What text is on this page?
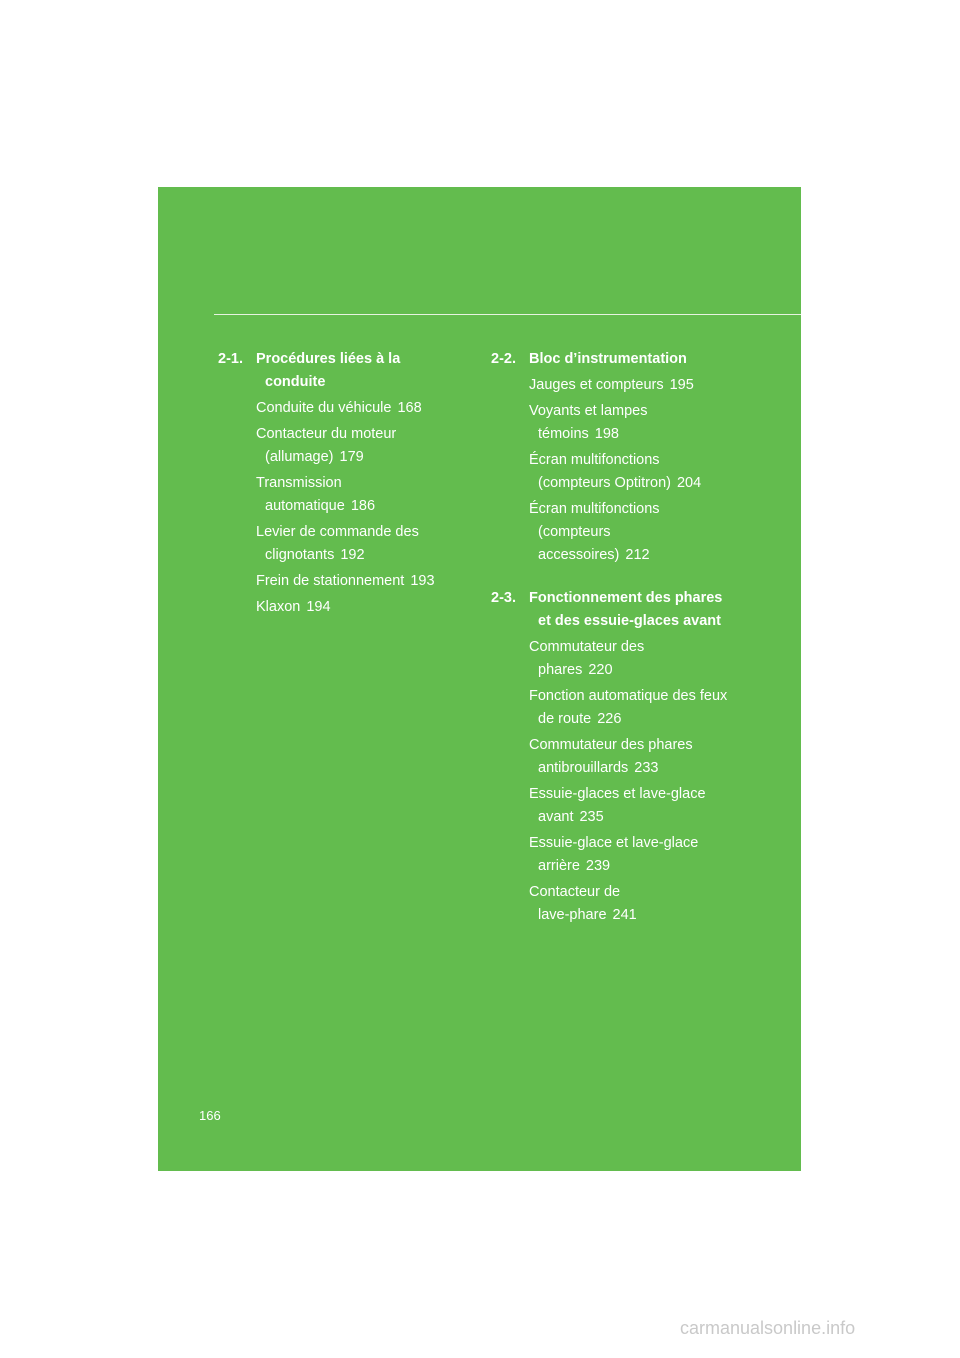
2-1. Procédures liées à la
conduite
Conduite du véhicule 168
Contacteur du moteur
(allumage) 179
Transmission
automatique 186
Levier de commande des
clignotants 192
Frein de stationnement 193
Klaxon 194
2-2. Bloc d’instrumentation
Jauges et compteurs 195
Voyants et lampes
témoins 198
Écran multifonctions
(compteurs Optitron) 204
Écran multifonctions
(compteurs
accessoires) 212
2-3. Fonctionnement des phares
et des essuie-glaces avant
Commutateur des
phares 220
Fonction automatique des feux
de route 226
Commutateur des phares
antibrouillards 233
Essuie-glaces et lave-glace
avant 235
Essuie-glace et lave-glace
arrière 239
Contacteur de
lave-phare 241
166
carmanualsonline.info
